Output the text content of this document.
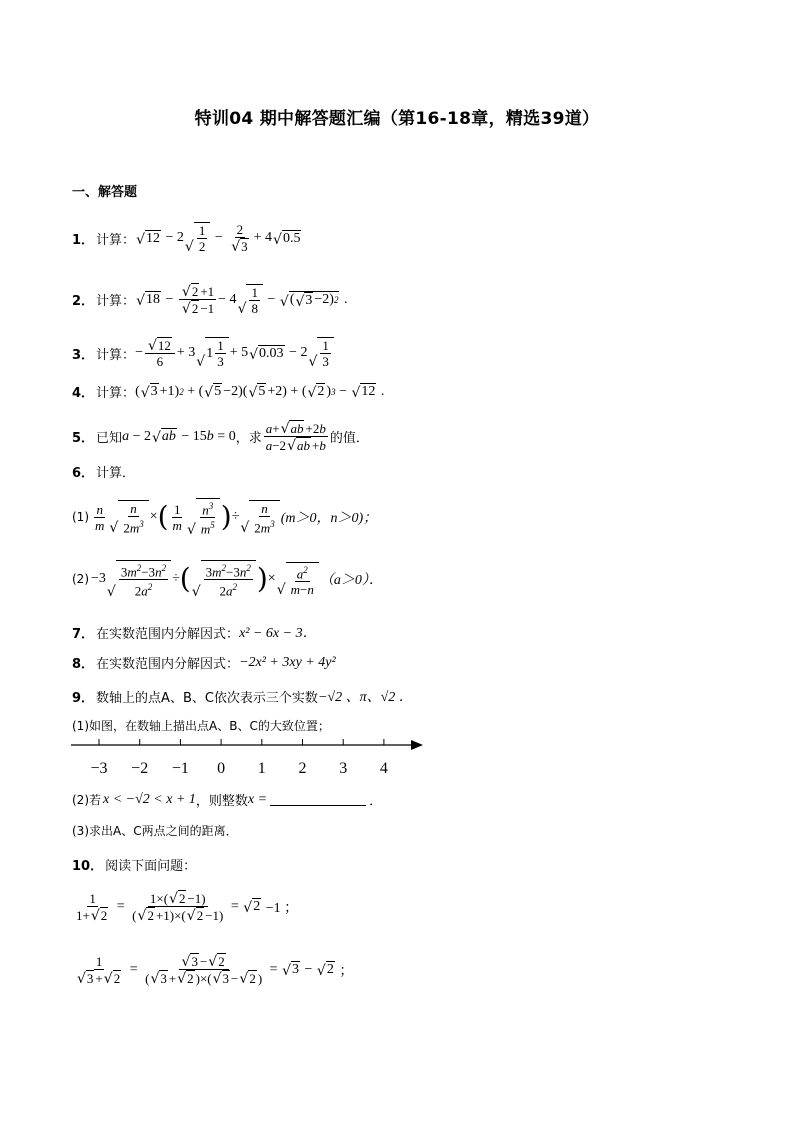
特训04 期中解答题汇编（第16-18章，精选39道）
一、解答题
1． 计算： √ 12 − 2
√ $\frac{1}{2} - \frac{2}{√ 3} + 4$ √ 0.5
2． 计算： √ $18 - \frac{√ 2 +1}{√ 2 -1} - 4$
√ $\frac{1}{8}$ − √ ( √ 3 −2) 2 .
3． 计算： − $\frac{√ 12}{6} + 3$
√
$1 \frac{1}{3} + 5$ √ 0.03 − 2
√ $\frac{1}{3}$
4． 计算： ( √ 3 +1) 2 + ( √ 5 −2)( √ 5 +2) + ( √ 2 ) 3 − √ 12 .
5． 已知 a − 2 √ ab − 15 b = 0 ，求 $\frac{a+ √ ab +2b}{a-2 √ ab +b}$ 的值．
6． 计算．
$(1) \frac{n}{m}$ √ $\frac{n}{2m^3}$ × ( $\frac{1}{m}$ √ $\frac{n^3}{m^5}$ ) ÷
√ $\frac{n}{2m^3} (m>0$，n＞0)；
(2) −3
√ $\frac{3m^2-3n^2}{2a^2}$ ÷ ( √ $\frac{3m^2-3n^2}{2a^2}$ ) ×
√ $\frac{a^2}{m-n} (a>0)$．
7． 在实数范围内分解因式： x² − 6x − 3．
8． 在实数范围内分解因式： −2x² + 3xy + 4y²
9． 数轴上的点A、B、C依次表示三个实数 −√2 、π、√2 ．
(1)如图，在数轴上描出点A、B、C的大致位置；
−3 −2 −1 0 1 2 3 4
(2)若 x < −√2 < x + 1 ，则整数 x =	．
(3)求出A、C两点之间的距离．
10． 阅读下面问题：
$\frac{1}{1+ √ 2} = \frac{1\times( √ 2 -1)}{( √ 2 +1)\times( √ 2 -1)}$ = √ 2 −1 ；
$\frac{1}{√ 3 + √ 2} = \frac{√ 3 - √ 2}{( √ 3 + √ 2 )\times( √ 3 - √ 2 )}$ = √ 3 − √ 2 ；
